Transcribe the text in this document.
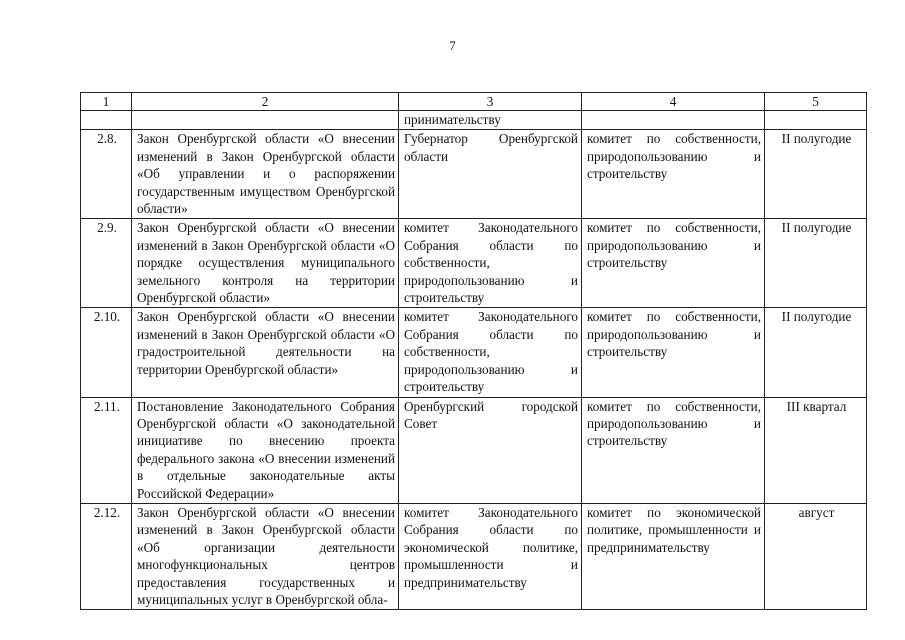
7
1	2	3	4	5
		принимательству		
2.8.	Закон Оренбургской области «О внесении изменений в Закон Оренбургской области «Об управлении и о распоряжении государственным имуществом Оренбургской области»	Губернатор Оренбургской области	комитет по собственности, природопользованию и строительству	II полугодие
2.9.	Закон Оренбургской области «О внесении изменений в Закон Оренбургской области «О порядке осуществления муниципального земельного контроля на территории Оренбургской области»	комитет Законодательного Собрания области по собственности, природопользованию и строительству	комитет по собственности, природопользованию и строительству	II полугодие
2.10.	Закон Оренбургской области «О внесении изменений в Закон Оренбургской области «О градостроительной деятельности на территории Оренбургской области»	комитет Законодательного Собрания области по собственности, природопользованию и строительству	комитет по собственности, природопользованию и строительству	II полугодие
2.11.	Постановление Законодательного Собрания Оренбургской области «О законодательной инициативе по внесению проекта федерального закона «О внесении изменений в отдельные законодательные акты Российской Федерации»	Оренбургский городской Совет	комитет по собственности, природопользованию и строительству	III квартал
2.12.	Закон Оренбургской области «О внесении изменений в Закон Оренбургской области «Об организации деятельности многофункциональных центров предоставления государственных и муниципальных услуг в Оренбургской обла-	комитет Законодательного Собрания области по экономической политике, промышленности и предпринимательству	комитет по экономической политике, промышленности и предпринимательству	август
